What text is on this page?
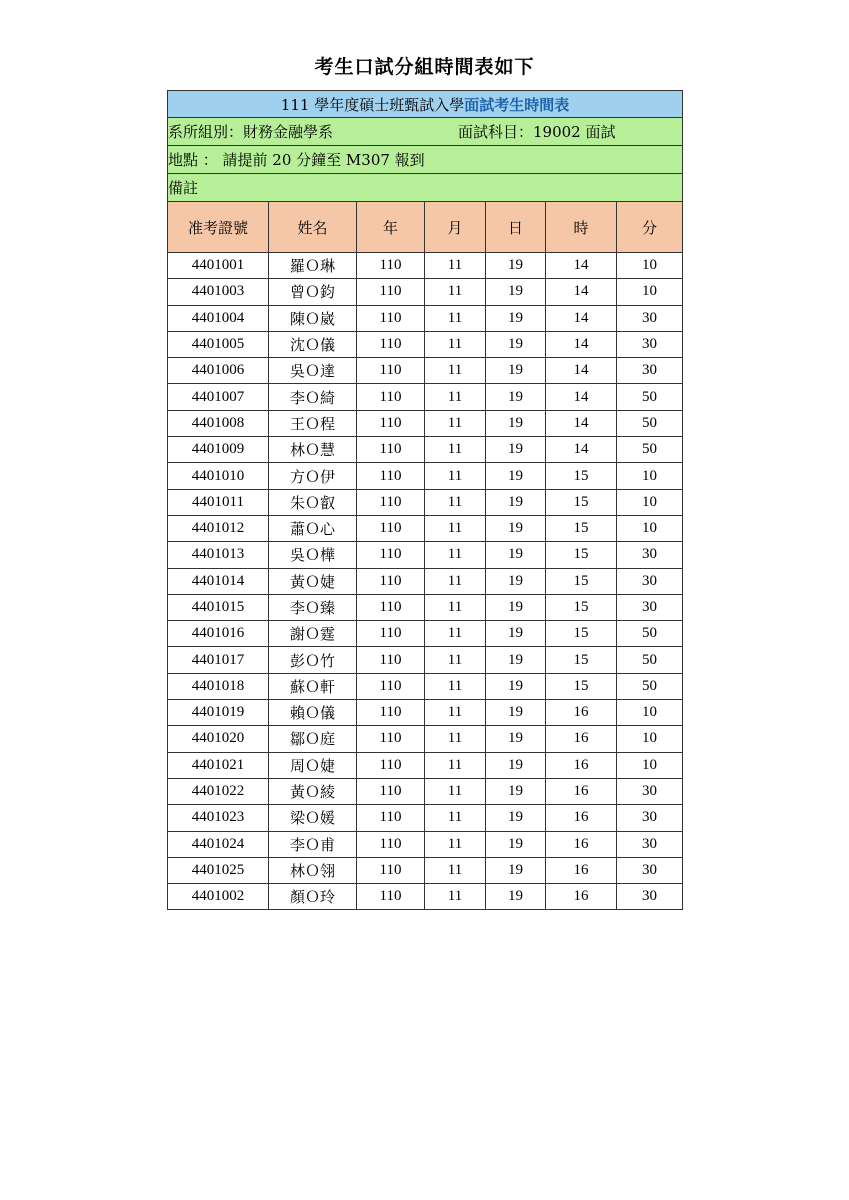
考生口試分組時間表如下
111 學年度碩士班甄試入學面試考生時間表						

系所組別：財務金融學系 面試科目：19002 面試						

地點 ： 請提前 20 分鐘至 M307 報到						
備註						
准考證號	姓名	年	月	日	時	分
4401001	羅Ｏ琳	110	11	19	14	10
4401003	曾Ｏ鈞	110	11	19	14	10
4401004	陳Ｏ崴	110	11	19	14	30
4401005	沈Ｏ儀	110	11	19	14	30
4401006	吳Ｏ達	110	11	19	14	30
4401007	李Ｏ綺	110	11	19	14	50
4401008	王Ｏ程	110	11	19	14	50
4401009	林Ｏ慧	110	11	19	14	50
4401010	方Ｏ伊	110	11	19	15	10
4401011	朱Ｏ叡	110	11	19	15	10
4401012	蕭Ｏ心	110	11	19	15	10
4401013	吳Ｏ樺	110	11	19	15	30
4401014	黃Ｏ婕	110	11	19	15	30
4401015	李Ｏ臻	110	11	19	15	30
4401016	謝Ｏ霆	110	11	19	15	50
4401017	彭Ｏ竹	110	11	19	15	50
4401018	蘇Ｏ軒	110	11	19	15	50
4401019	賴Ｏ儀	110	11	19	16	10
4401020	鄒Ｏ庭	110	11	19	16	10
4401021	周Ｏ婕	110	11	19	16	10
4401022	黃Ｏ綾	110	11	19	16	30
4401023	梁Ｏ媛	110	11	19	16	30
4401024	李Ｏ甫	110	11	19	16	30
4401025	林Ｏ翎	110	11	19	16	30
4401002	顏Ｏ玲	110	11	19	16	30
